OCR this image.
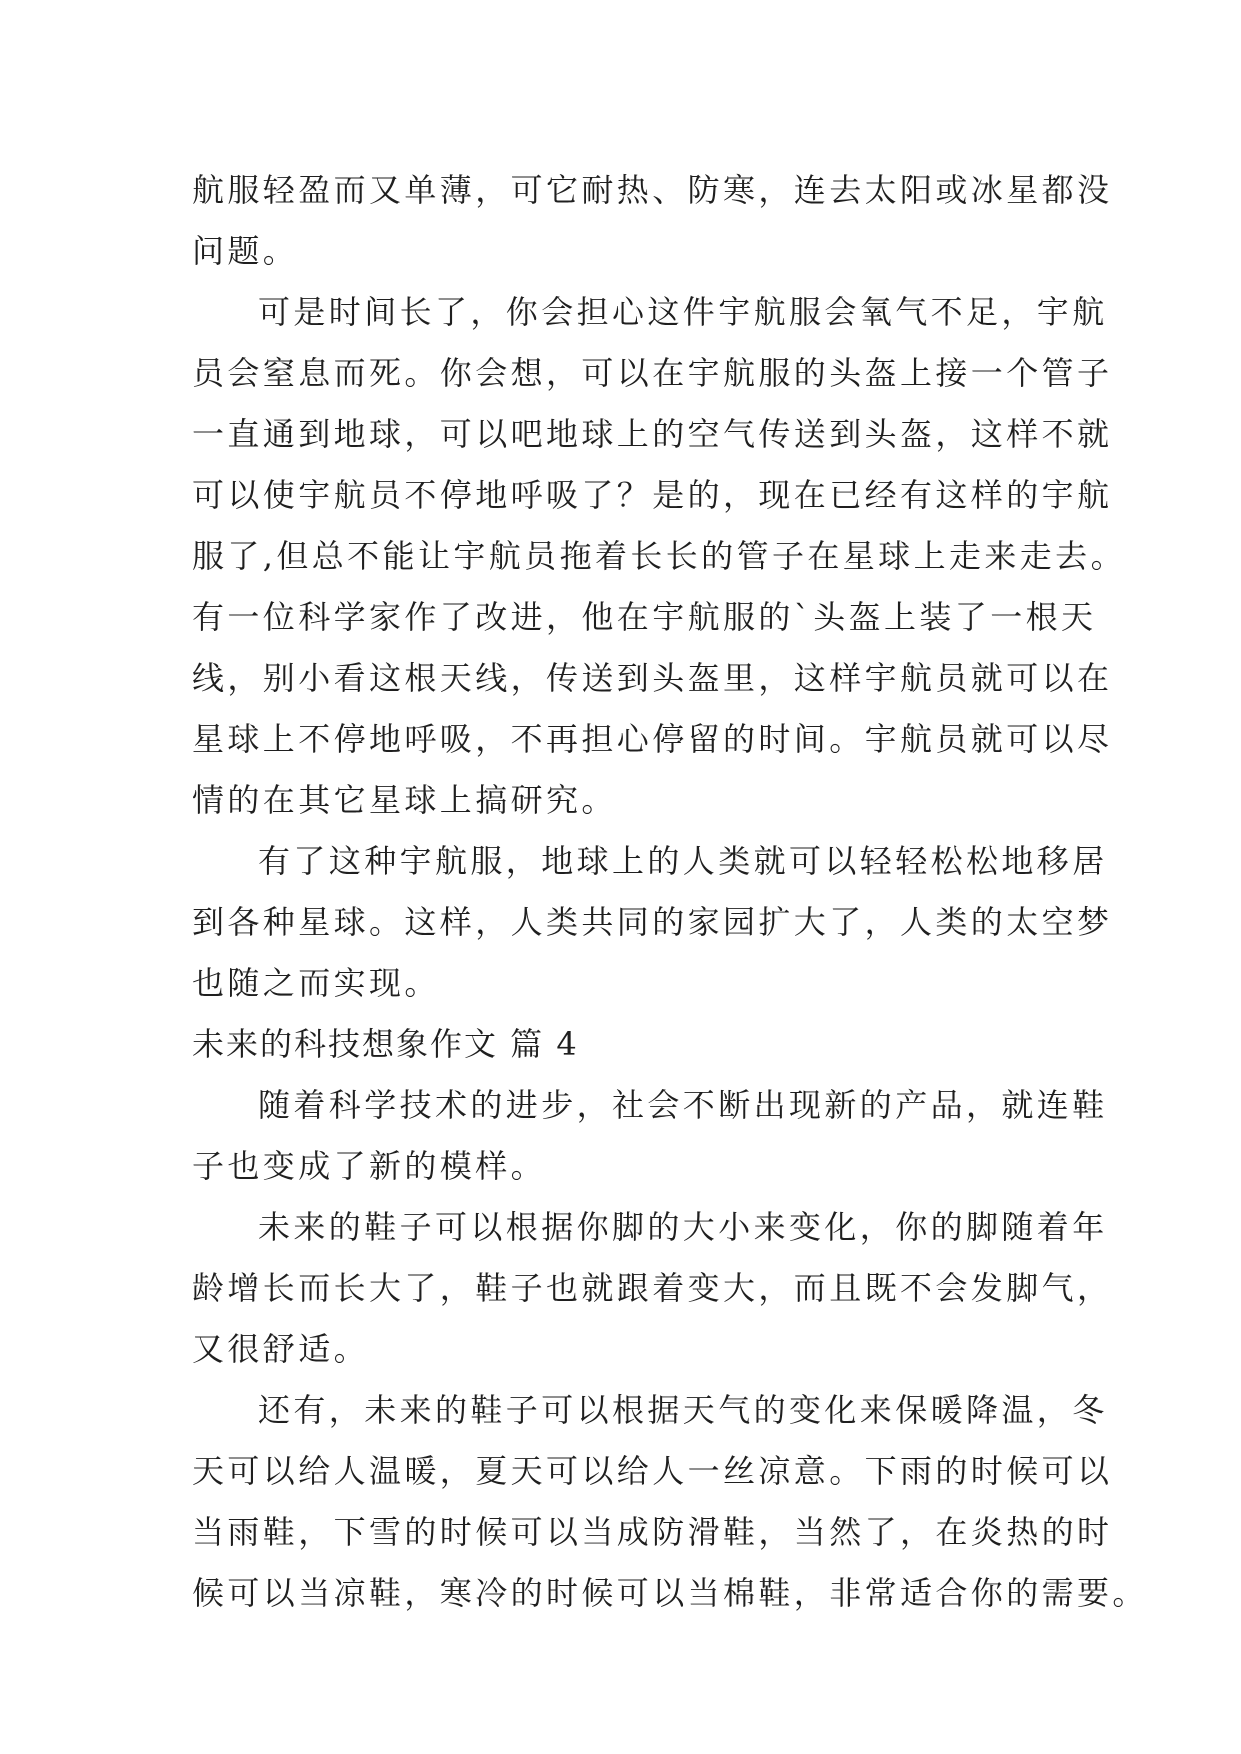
航服轻盈而又单薄，可它耐热、防寒，连去太阳或冰星都没
问题。
可是时间长了，你会担心这件宇航服会氧气不足，宇航
员会窒息而死。你会想，可以在宇航服的头盔上接一个管子
一直通到地球，可以吧地球上的空气传送到头盔，这样不就
可以使宇航员不停地呼吸了？是的，现在已经有这样的宇航
服了,但总不能让宇航员拖着长长的管子在星球上走来走去。
有一位科学家作了改进，他在宇航服的`头盔上装了一根天
线，别小看这根天线，传送到头盔里，这样宇航员就可以在
星球上不停地呼吸，不再担心停留的时间。宇航员就可以尽
情的在其它星球上搞研究。
有了这种宇航服，地球上的人类就可以轻轻松松地移居
到各种星球。这样，人类共同的家园扩大了，人类的太空梦
也随之而实现。
未来的科技想象作文 篇 4
随着科学技术的进步，社会不断出现新的产品，就连鞋
子也变成了新的模样。
未来的鞋子可以根据你脚的大小来变化，你的脚随着年
龄增长而长大了，鞋子也就跟着变大，而且既不会发脚气，
又很舒适。
还有，未来的鞋子可以根据天气的变化来保暖降温，冬
天可以给人温暖，夏天可以给人一丝凉意。下雨的时候可以
当雨鞋，下雪的时候可以当成防滑鞋，当然了，在炎热的时
候可以当凉鞋，寒冷的时候可以当棉鞋，非常适合你的需要。
